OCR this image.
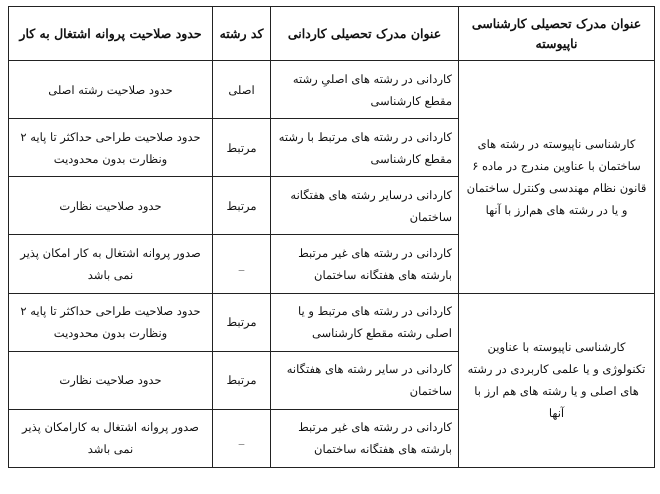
عنوان مدرک تحصیلی کارشناسی ناپیوسته	عنوان مدرک تحصیلی کاردانی	کد رشته	حدود صلاحیت پروانه اشتغال به کار
کارشناسی ناپیوسته در رشته های ساختمان با عناوین مندرج در ماده ۶ قانون نظام مهندسی وکنترل ساختمان و یا در رشته های هم‌ارز با آنها	کاردانی در رشته های اصلیِ رشته مقطع کارشناسی	اصلی	حدود صلاحیت رشته اصلی
	کاردانی در رشته های مرتبط با رشته مقطع کارشناسی	مرتبط	حدود صلاحیت طراحی حداکثر تا پایه ۲ ونظارت بدون محدودیت
	کاردانی درسایر رشته های هفتگانه ساختمان	مرتبط	حدود صلاحیت نظارت
	کاردانی در رشته های غیر مرتبط بارشته های هفتگانه ساختمان	_	صدور پروانه اشتغال به کار امکان پذیر نمی باشد
کارشناسی ناپیوسته با عناوین تکنولوژی و یا علمی کاربردی در رشته های اصلی و یا رشته های هم ارز با آنها	کاردانی در رشته های مرتبط و یا اصلی رشته مقطع کارشناسی	مرتبط	حدود صلاحیت طراحی حداکثر تا پایه ۲ ونظارت بدون محدودیت
	کاردانی در سایر رشته های هفتگانه ساختمان	مرتبط	حدود صلاحیت نظارت
	کاردانی در رشته های غیر مرتبط بارشته های هفتگانه ساختمان	_	صدور پروانه اشتغال به کارامکان پذیر نمی باشد
